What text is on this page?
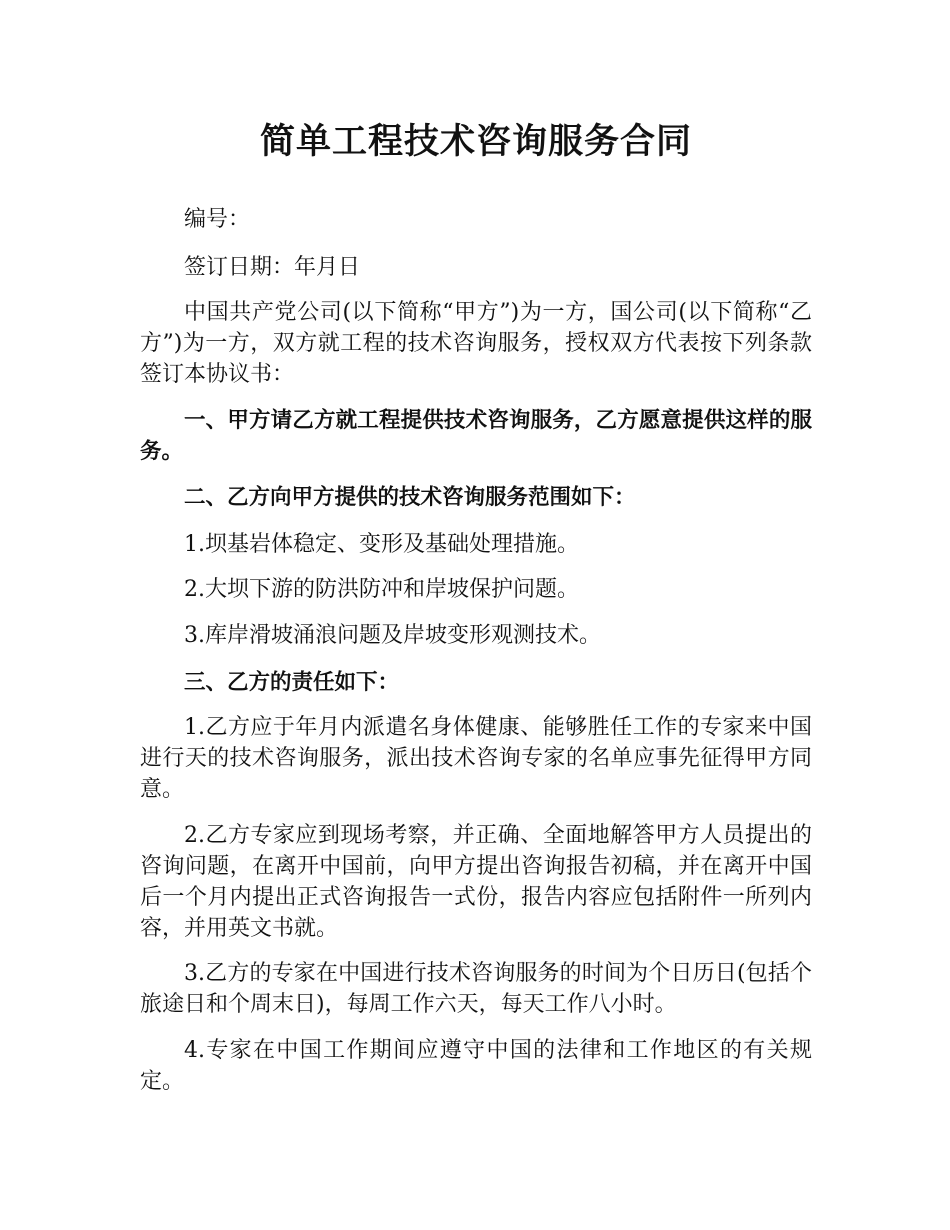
简单工程技术咨询服务合同

编号：

签订日期：年月日

中国共产党公司(以下简称“甲方”)为一方，国公司(以下简称“乙方”)为一方，双方就工程的技术咨询服务，授权双方代表按下列条款签订本协议书：

一、甲方请乙方就工程提供技术咨询服务，乙方愿意提供这样的服务。

二、乙方向甲方提供的技术咨询服务范围如下：

1.坝基岩体稳定、变形及基础处理措施。

2.大坝下游的防洪防冲和岸坡保护问题。

3.库岸滑坡涌浪问题及岸坡变形观测技术。

三、乙方的责任如下：

1.乙方应于年月内派遣名身体健康、能够胜任工作的专家来中国进行天的技术咨询服务，派出技术咨询专家的名单应事先征得甲方同意。

2.乙方专家应到现场考察，并正确、全面地解答甲方人员提出的咨询问题，在离开中国前，向甲方提出咨询报告初稿，并在离开中国后一个月内提出正式咨询报告一式份，报告内容应包括附件一所列内容，并用英文书就。

3.乙方的专家在中国进行技术咨询服务的时间为个日历日(包括个旅途日和个周末日)，每周工作六天，每天工作八小时。

4.专家在中国工作期间应遵守中国的法律和工作地区的有关规定。
